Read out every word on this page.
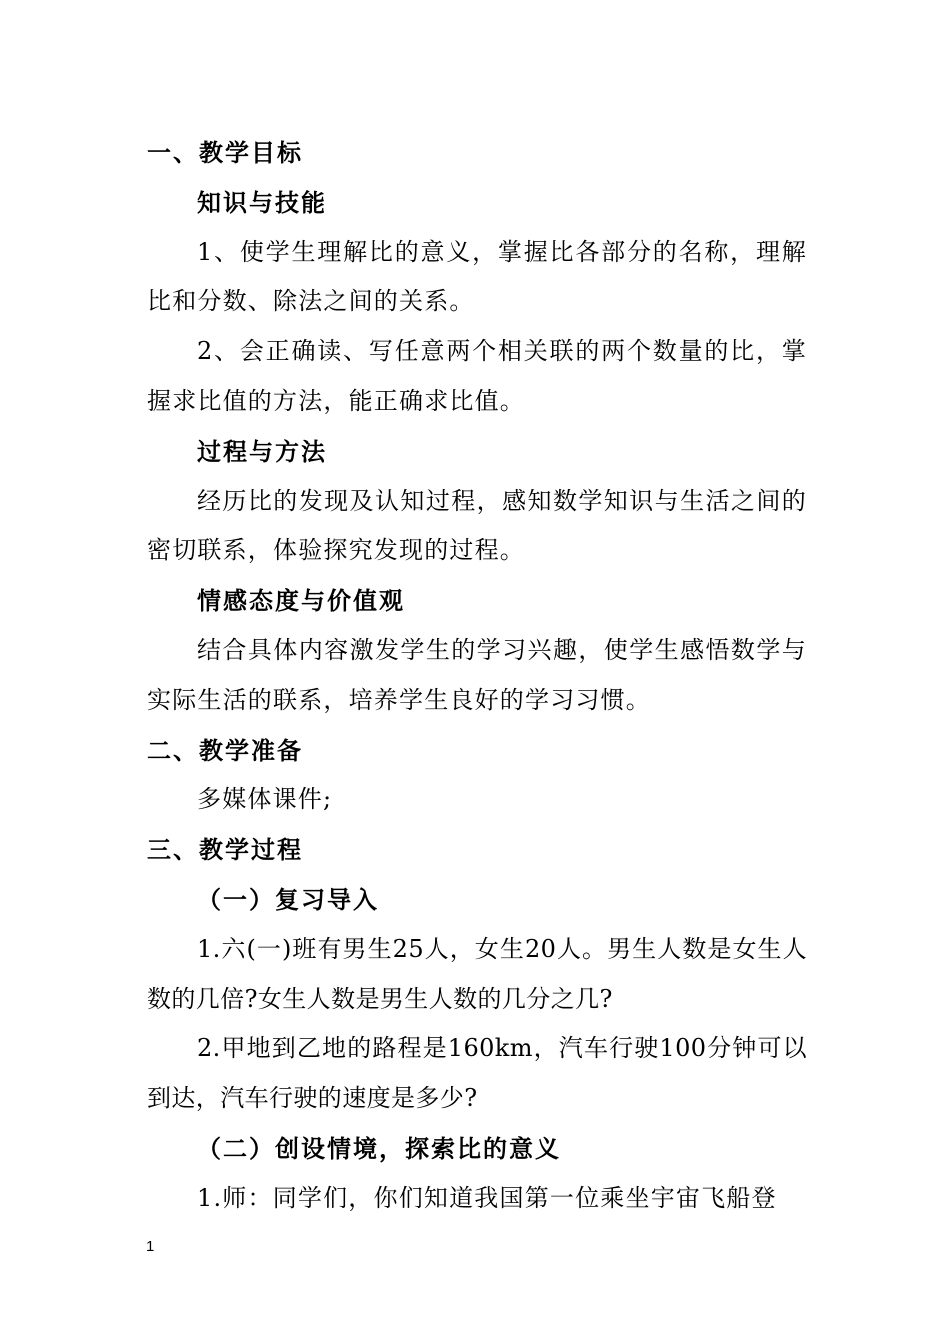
一、教学目标
知识与技能

1、使学生理解比的意义，掌握比各部分的名称，理解比和分数、除法之间的关系。

2、会正确读、写任意两个相关联的两个数量的比，掌握求比值的方法，能正确求比值。

过程与方法

经历比的发现及认知过程，感知数学知识与生活之间的密切联系，体验探究发现的过程。

情感态度与价值观

结合具体内容激发学生的学习兴趣，使学生感悟数学与实际生活的联系，培养学生良好的学习习惯。

二、教学准备
多媒体课件;
三、教学过程
（一）复习导入

1.六(一)班有男生25人，女生20人。男生人数是女生人数的几倍?女生人数是男生人数的几分之几?

2.甲地到乙地的路程是160km，汽车行驶100分钟可以到达，汽车行驶的速度是多少?

（二）创设情境，探索比的意义
1.师：同学们，你们知道我国第一位乘坐宇宙飞船登
1
